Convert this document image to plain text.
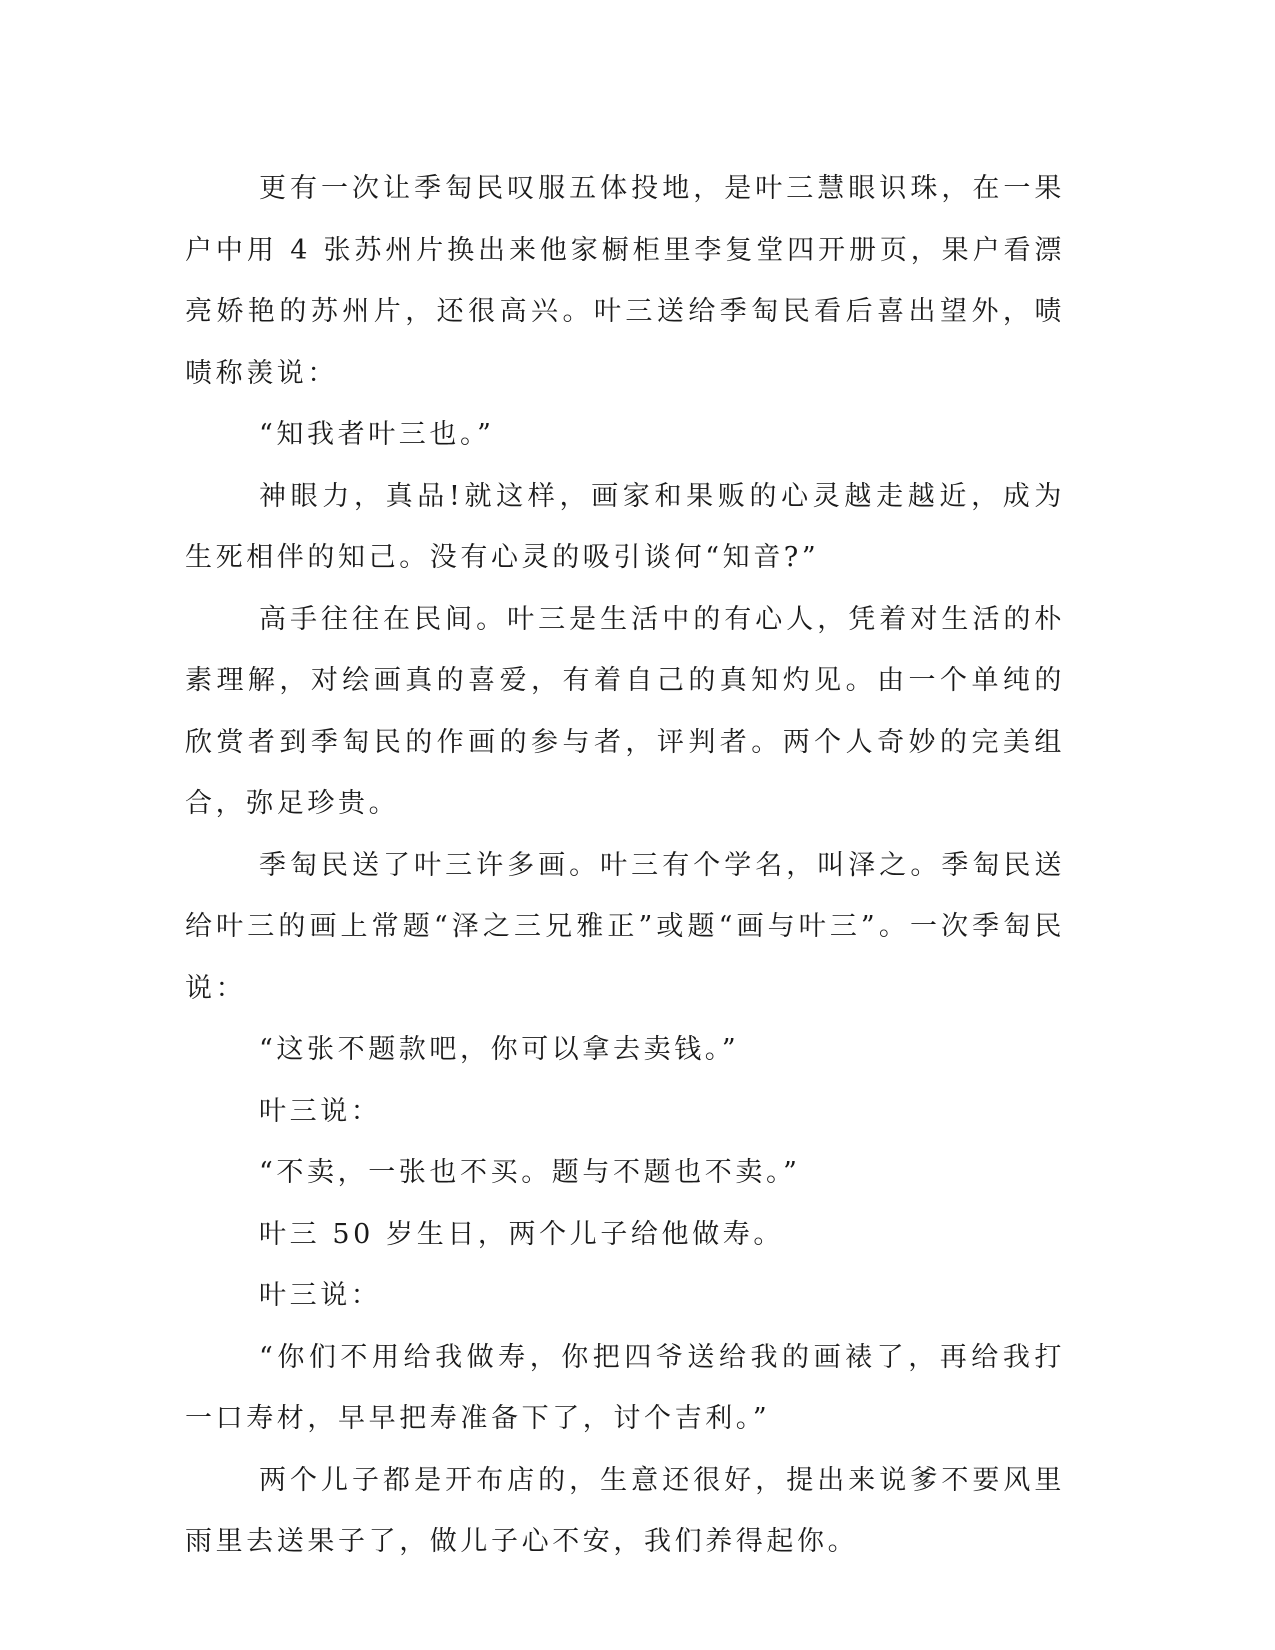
更有一次让季匋民叹服五体投地，是叶三慧眼识珠，在一果户中用 4 张苏州片换出来他家橱柜里李复堂四开册页，果户看漂亮娇艳的苏州片，还很高兴。叶三送给季匋民看后喜出望外，啧啧称羡说：

“知我者叶三也。”

神眼力，真品!就这样，画家和果贩的心灵越走越近，成为生死相伴的知己。没有心灵的吸引谈何“知音?”

高手往往在民间。叶三是生活中的有心人，凭着对生活的朴素理解，对绘画真的喜爱，有着自己的真知灼见。由一个单纯的欣赏者到季匋民的作画的参与者，评判者。两个人奇妙的完美组合，弥足珍贵。

季匋民送了叶三许多画。叶三有个学名，叫泽之。季匋民送给叶三的画上常题“泽之三兄雅正”或题“画与叶三”。一次季匋民说：

“这张不题款吧，你可以拿去卖钱。”

叶三说：

“不卖，一张也不买。题与不题也不卖。”

叶三 50 岁生日，两个儿子给他做寿。

叶三说：

“你们不用给我做寿，你把四爷送给我的画裱了，再给我打一口寿材，早早把寿准备下了，讨个吉利。”

两个儿子都是开布店的，生意还很好，提出来说爹不要风里雨里去送果子了，做儿子心不安，我们养得起你。
